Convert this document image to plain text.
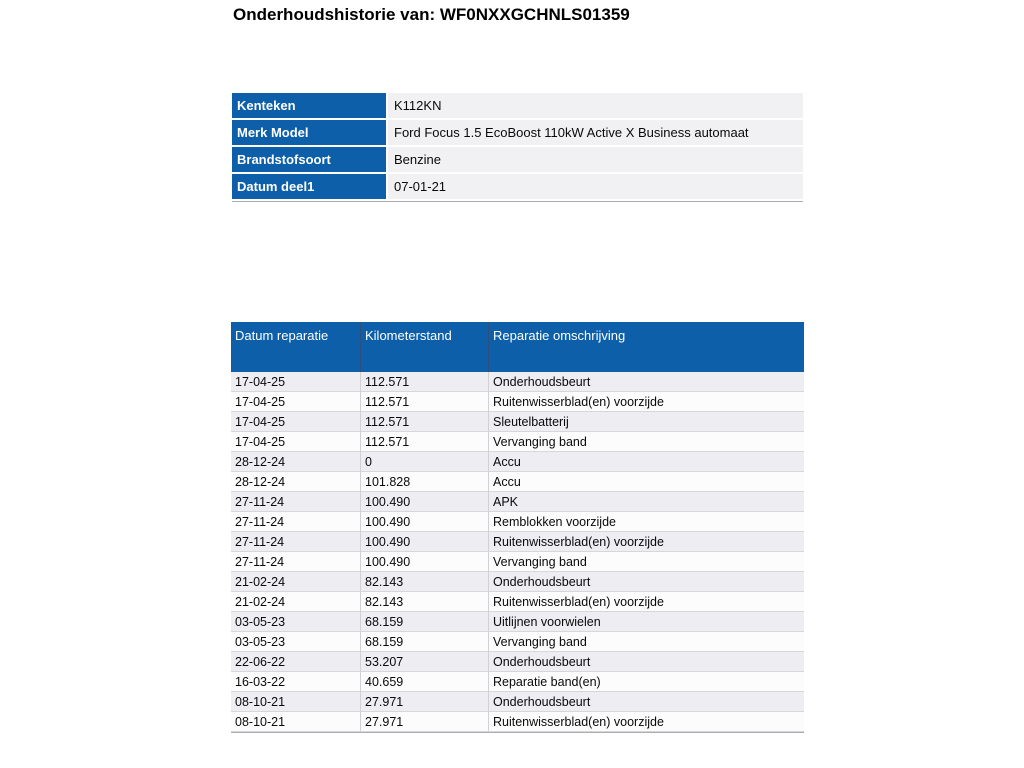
Onderhoudshistorie van: WF0NXXGCHNLS01359
Kenteken	K112KN
Merk Model	Ford Focus 1.5 EcoBoost 110kW Active X Business automaat
Brandstofsoort	Benzine
Datum deel1	07-01-21
Datum reparatie	Kilometerstand	Reparatie omschrijving
17-04-25	112.571	Onderhoudsbeurt
17-04-25	112.571	Ruitenwisserblad(en) voorzijde
17-04-25	112.571	Sleutelbatterij
17-04-25	112.571	Vervanging band
28-12-24	0	Accu
28-12-24	101.828	Accu
27-11-24	100.490	APK
27-11-24	100.490	Remblokken voorzijde
27-11-24	100.490	Ruitenwisserblad(en) voorzijde
27-11-24	100.490	Vervanging band
21-02-24	82.143	Onderhoudsbeurt
21-02-24	82.143	Ruitenwisserblad(en) voorzijde
03-05-23	68.159	Uitlijnen voorwielen
03-05-23	68.159	Vervanging band
22-06-22	53.207	Onderhoudsbeurt
16-03-22	40.659	Reparatie band(en)
08-10-21	27.971	Onderhoudsbeurt
08-10-21	27.971	Ruitenwisserblad(en) voorzijde
